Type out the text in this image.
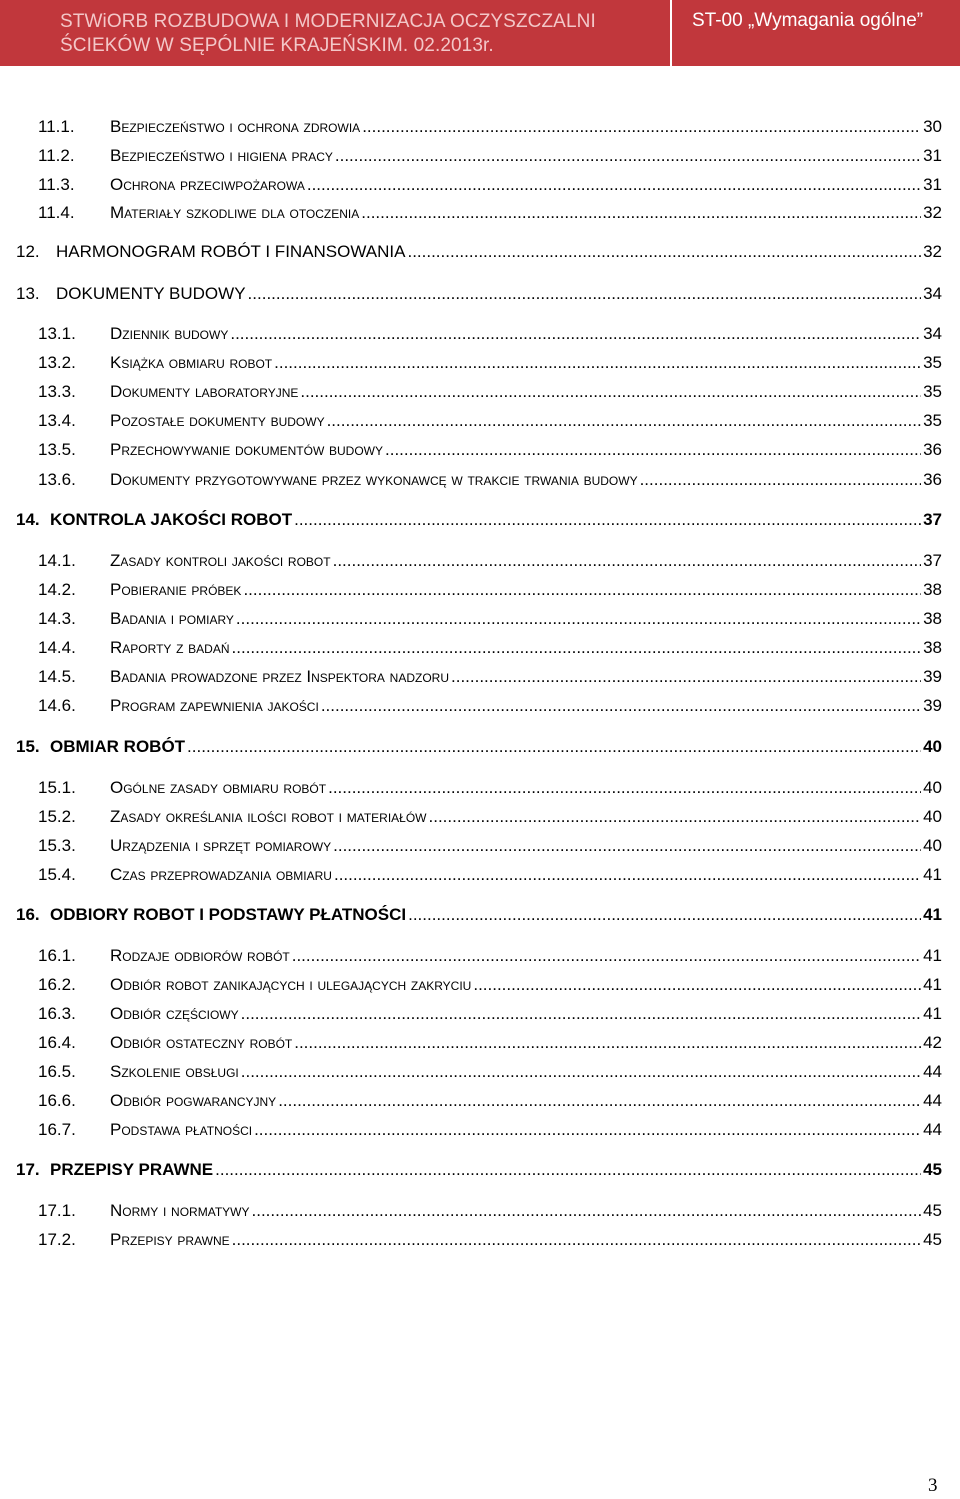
STWiORB ROZBUDOWA I MODERNIZACJA OCZYSZCZALNI
ŚCIEKÓW W SĘPÓLNIE KRAJEŃSKIM. 02.2013r.
ST-00 „Wymagania ogólne”
11.1. Bezpieczeństwo i ochrona zdrowia .....	30
11.2. Bezpieczeństwo i higiena pracy .....	31
11.3. Ochrona przeciwpożarowa .....	31
11.4. Materiały szkodliwe dla otoczenia .....	32
12. HARMONOGRAM ROBÓT I FINANSOWANIA .....	32
13. DOKUMENTY BUDOWY .....	34
13.1. Dziennik budowy .....	34
13.2. Książka obmiaru robot .....	35
13.3. Dokumenty laboratoryjne .....	35
13.4. Pozostałe dokumenty budowy .....	35
13.5. Przechowywanie dokumentów budowy .....	36
13.6. Dokumenty przygotowywane przez wykonawcę w trakcie trwania budowy .....	36
14. KONTROLA JAKOŚCI ROBOT .....	37
14.1. Zasady kontroli jakości robot .....	37
14.2. Pobieranie próbek .....	38
14.3. Badania i pomiary .....	38
14.4. Raporty z badań .....	38
14.5. Badania prowadzone przez Inspektora nadzoru .....	39
14.6. Program zapewnienia jakości .....	39
15. OBMIAR ROBÓT .....	40
15.1. Ogólne zasady obmiaru robót .....	40
15.2. Zasady określania ilości robot i materiałów .....	40
15.3. Urządzenia i sprzęt pomiarowy .....	40
15.4. Czas przeprowadzania obmiaru .....	41
16. ODBIORY ROBOT I PODSTAWY PŁATNOŚCI .....	41
16.1. Rodzaje odbiorów robót .....	41
16.2. Odbiór robot zanikających i ulegających zakryciu .....	41
16.3. Odbiór częściowy .....	41
16.4. Odbiór ostateczny robót .....	42
16.5. Szkolenie obsługi .....	44
16.6. Odbiór pogwarancyjny .....	44
16.7. Podstawa płatności .....	44
17. PRZEPISY PRAWNE .....	45
17.1. Normy i normatywy .....	45
17.2. Przepisy prawne .....	45
3
